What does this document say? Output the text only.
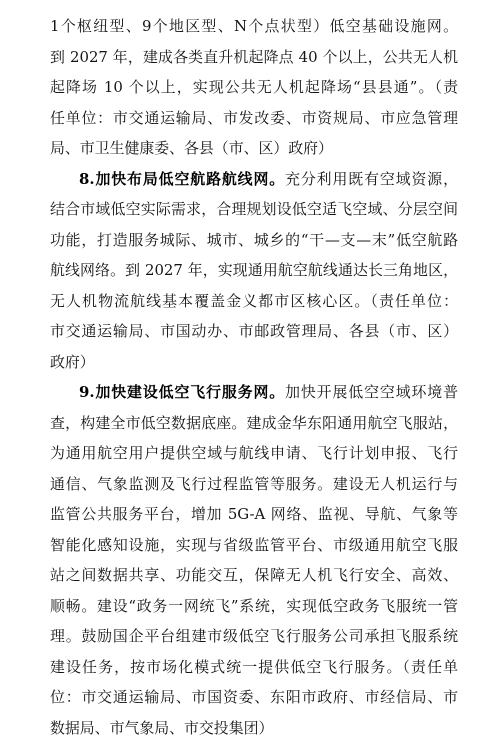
1个枢纽型、9个地区型、N个点状型）低空基础设施网。
到 2027 年，建成各类直升机起降点 40 个以上，公共无人机
起降场 10 个以上，实现公共无人机起降场“县县通”。（责
任单位：市交通运输局、市发改委、市资规局、市应急管理
局、市卫生健康委、各县（市、区）政府）
8.加快布局低空航路航线网。充分利用既有空域资源，
结合市域低空实际需求，合理规划设低空适飞空域、分层空间
功能，打造服务城际、城市、城乡的“干—支—末”低空航路
航线网络。到 2027 年，实现通用航空航线通达长三角地区，
无人机物流航线基本覆盖金义都市区核心区。（责任单位：
市交通运输局、市国动办、市邮政管理局、各县（市、区）
政府）
9.加快建设低空飞行服务网。加快开展低空空域环境普
查，构建全市低空数据底座。建成金华东阳通用航空飞服站，
为通用航空用户提供空域与航线申请、飞行计划申报、飞行
通信、气象监测及飞行过程监管等服务。建设无人机运行与
监管公共服务平台，增加 5G-A 网络、监视、导航、气象等
智能化感知设施，实现与省级监管平台、市级通用航空飞服
站之间数据共享、功能交互，保障无人机飞行安全、高效、
顺畅。建设“政务一网统飞”系统，实现低空政务飞服统一管
理。鼓励国企平台组建市级低空飞行服务公司承担飞服系统
建设任务，按市场化模式统一提供低空飞行服务。（责任单
位：市交通运输局、市国资委、东阳市政府、市经信局、市
数据局、市气象局、市交投集团）
